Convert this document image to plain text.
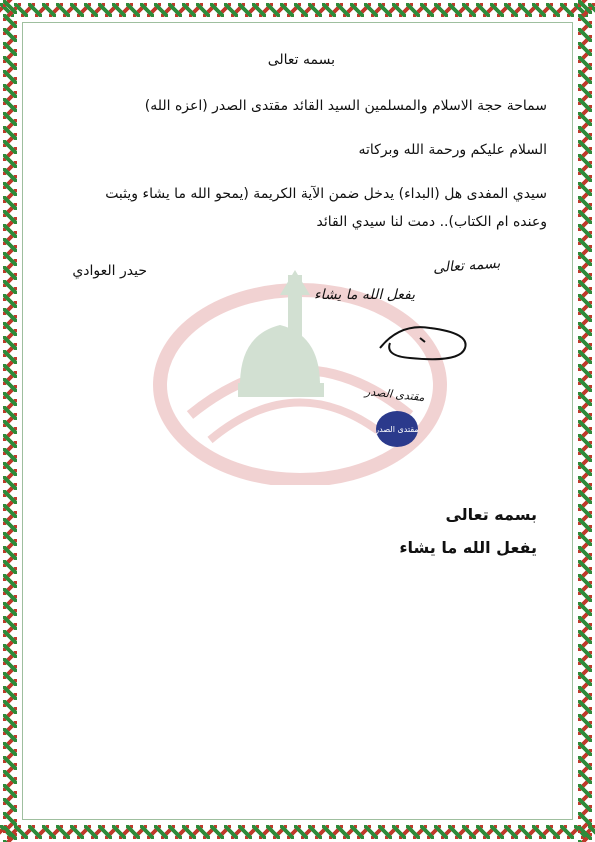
بسمه تعالى
سماحة حجة الاسلام والمسلمين السيد القائد مقتدى الصدر (اعزه الله)
السلام عليكم ورحمة الله وبركاته
سيدي المفدى هل (البداء) يدخل ضمن الآية الكريمة (يمحو الله ما يشاء ويثبت
وعنده ام الكتاب).. دمت لنا سيدي القائد
حيدر العوادي	بسمه تعالى
يفعل الله ما يشاء
مقتدى الصدر
مقتدى الصدر
بسمه تعالى
يفعل الله ما يشاء
